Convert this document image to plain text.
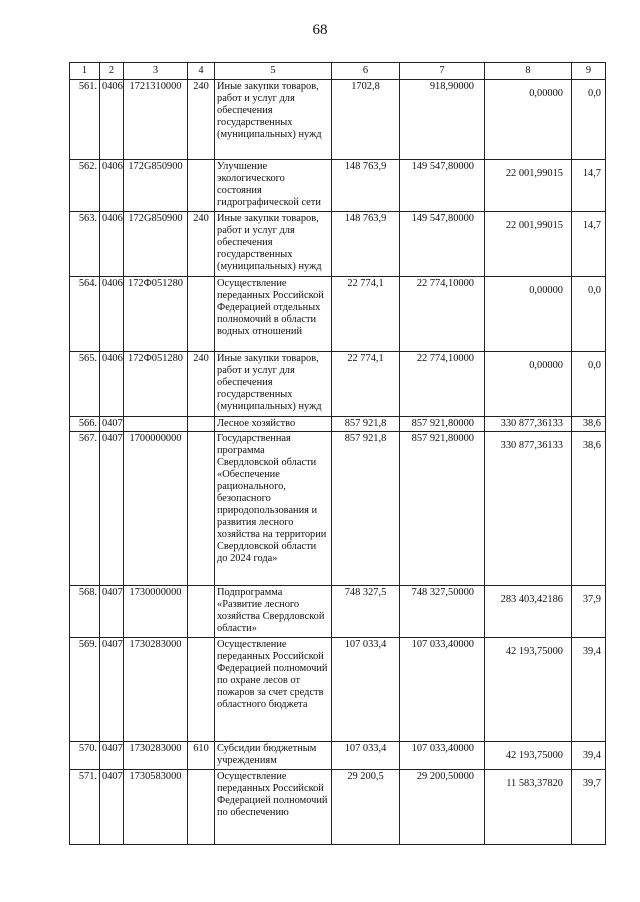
68
1	2	3	4	5	6	7	8	9
561.	0406	1721310000	240	Иные закупки товаров, работ и услуг для обеспечения государственных (муниципальных) нужд	1702,8	918,90000	0,00000	0,0
562.	0406	172G850900		Улучшение экологического состояния гидрографической сети	148 763,9	149 547,80000	22 001,99015	14,7
563.	0406	172G850900	240	Иные закупки товаров, работ и услуг для обеспечения государственных (муниципальных) нужд	148 763,9	149 547,80000	22 001,99015	14,7
564.	0406	172Ф051280		Осуществление переданных Российской Федерацией отдельных полномочий в области водных отношений	22 774,1	22 774,10000	0,00000	0,0
565.	0406	172Ф051280	240	Иные закупки товаров, работ и услуг для обеспечения государственных (муниципальных) нужд	22 774,1	22 774,10000	0,00000	0,0
566.	0407			Лесное хозяйство	857 921,8	857 921,80000	330 877,36133	38,6
567.	0407	1700000000		Государственная программа Свердловской области «Обеспечение рационального, безопасного природопользования и развития лесного хозяйства на территории Свердловской области до 2024 года»	857 921,8	857 921,80000	330 877,36133	38,6
568.	0407	1730000000		Подпрограмма «Развитие лесного хозяйства Свердловской области»	748 327,5	748 327,50000	283 403,42186	37,9
569.	0407	1730283000		Осуществление переданных Российской Федерацией полномочий по охране лесов от пожаров за счет средств областного бюджета	107 033,4	107 033,40000	42 193,75000	39,4
570.	0407	1730283000	610	Субсидии бюджетным учреждениям	107 033,4	107 033,40000	42 193,75000	39,4
571.	0407	1730583000		Осуществление переданных Российской Федерацией полномочий по обеспечению	29 200,5	29 200,50000	11 583,37820	39,7
